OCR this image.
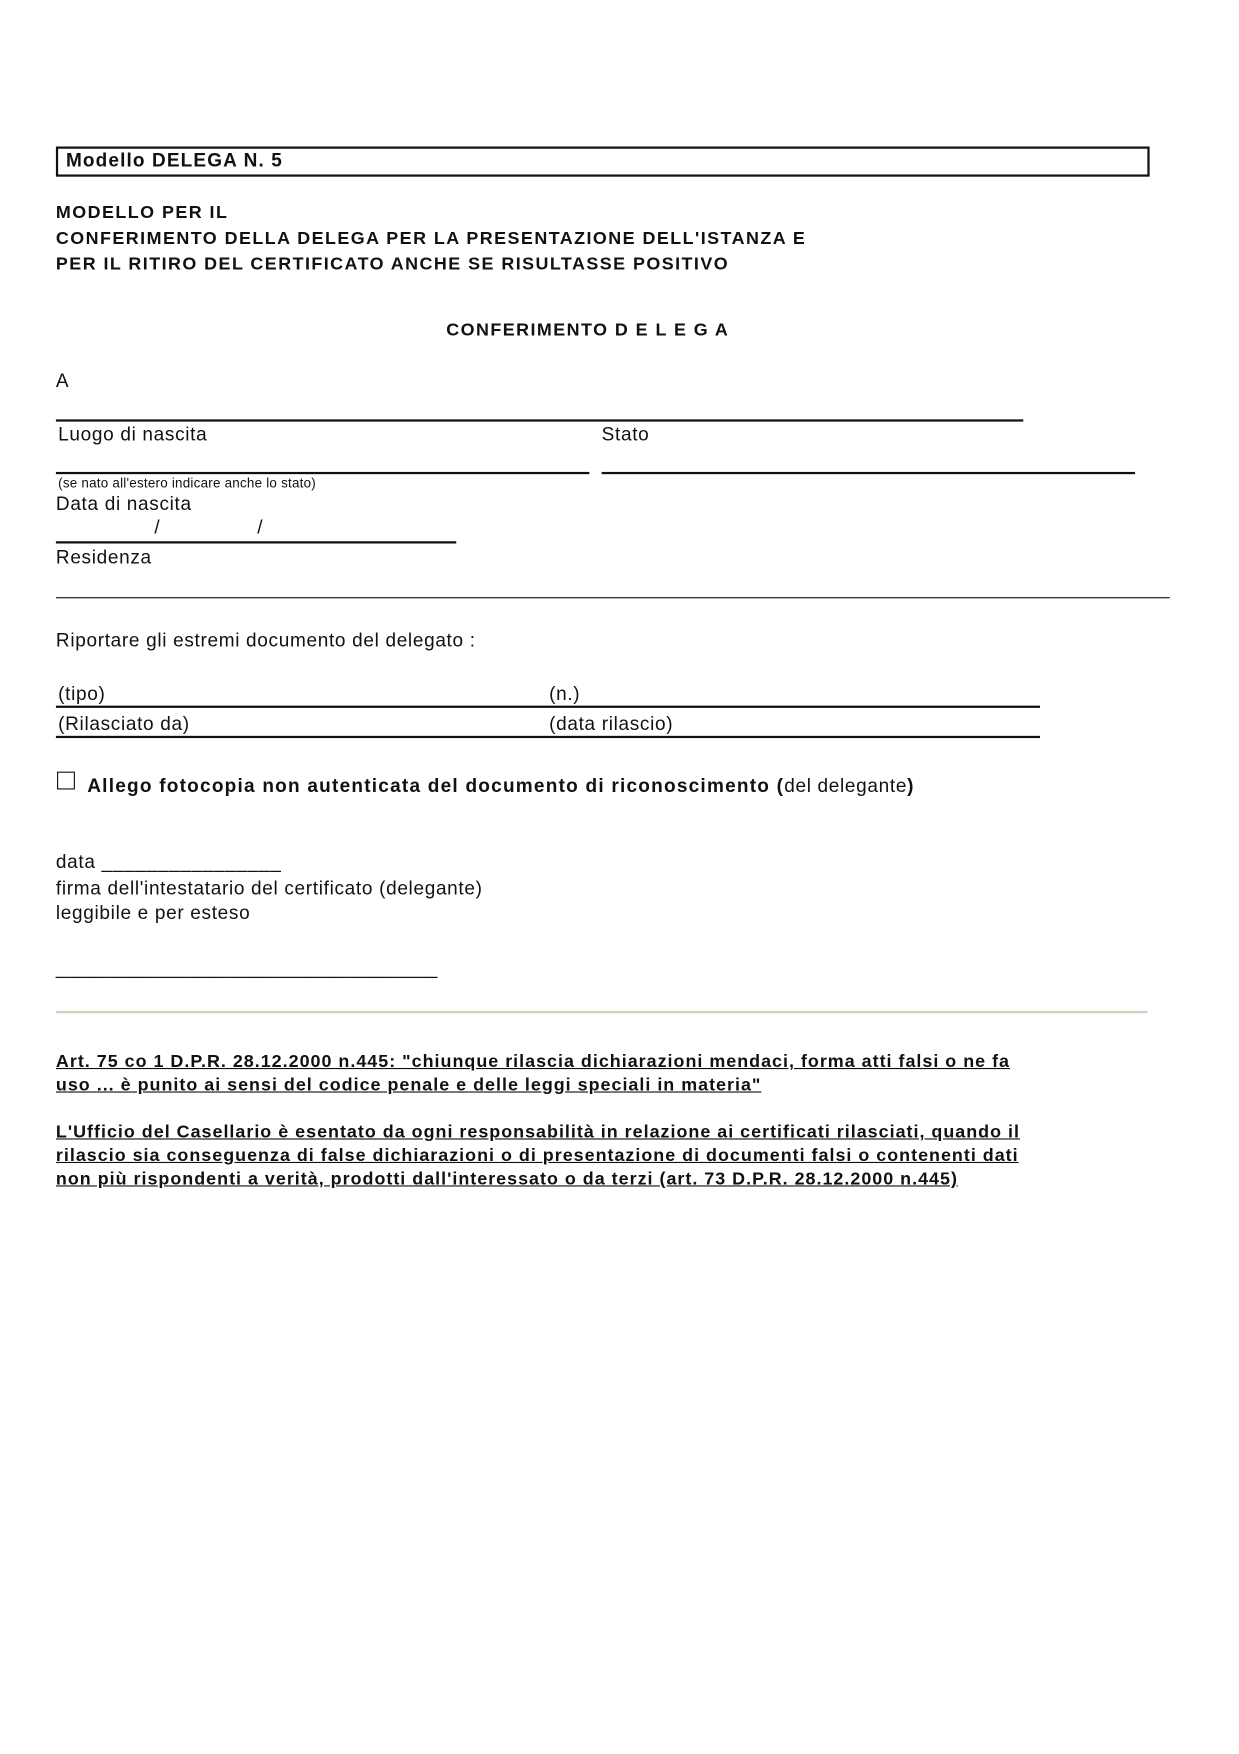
Modello DELEGA N. 5
MODELLO PER IL
CONFERIMENTO DELLA DELEGA PER LA PRESENTAZIONE DELL'ISTANZA E
PER IL RITIRO DEL CERTIFICATO ANCHE SE RISULTASSE POSITIVO
CONFERIMENTO D E L E G A
A
Luogo di nascita	Stato
(se nato all'estero indicare anche lo stato)
Data di nascita
/	/
Residenza
Riportare gli estremi documento del delegato :
(tipo)	(n.)
(Rilasciato da)	(data rilascio)
Allego fotocopia non autenticata del documento di riconoscimento (del delegante)
data ________________
firma dell'intestatario del certificato (delegante)
leggibile e per esteso
___________________________________
Art. 75 co 1 D.P.R. 28.12.2000 n.445: "chiunque rilascia dichiarazioni mendaci, forma atti falsi o ne fa
uso ... è punito ai sensi del codice penale e delle leggi speciali in materia"
L'Ufficio del Casellario è esentato da ogni responsabilità in relazione ai certificati rilasciati, quando il
rilascio sia conseguenza di false dichiarazioni o di presentazione di documenti falsi o contenenti dati
non più rispondenti a verità, prodotti dall'interessato o da terzi (art. 73 D.P.R. 28.12.2000 n.445)
